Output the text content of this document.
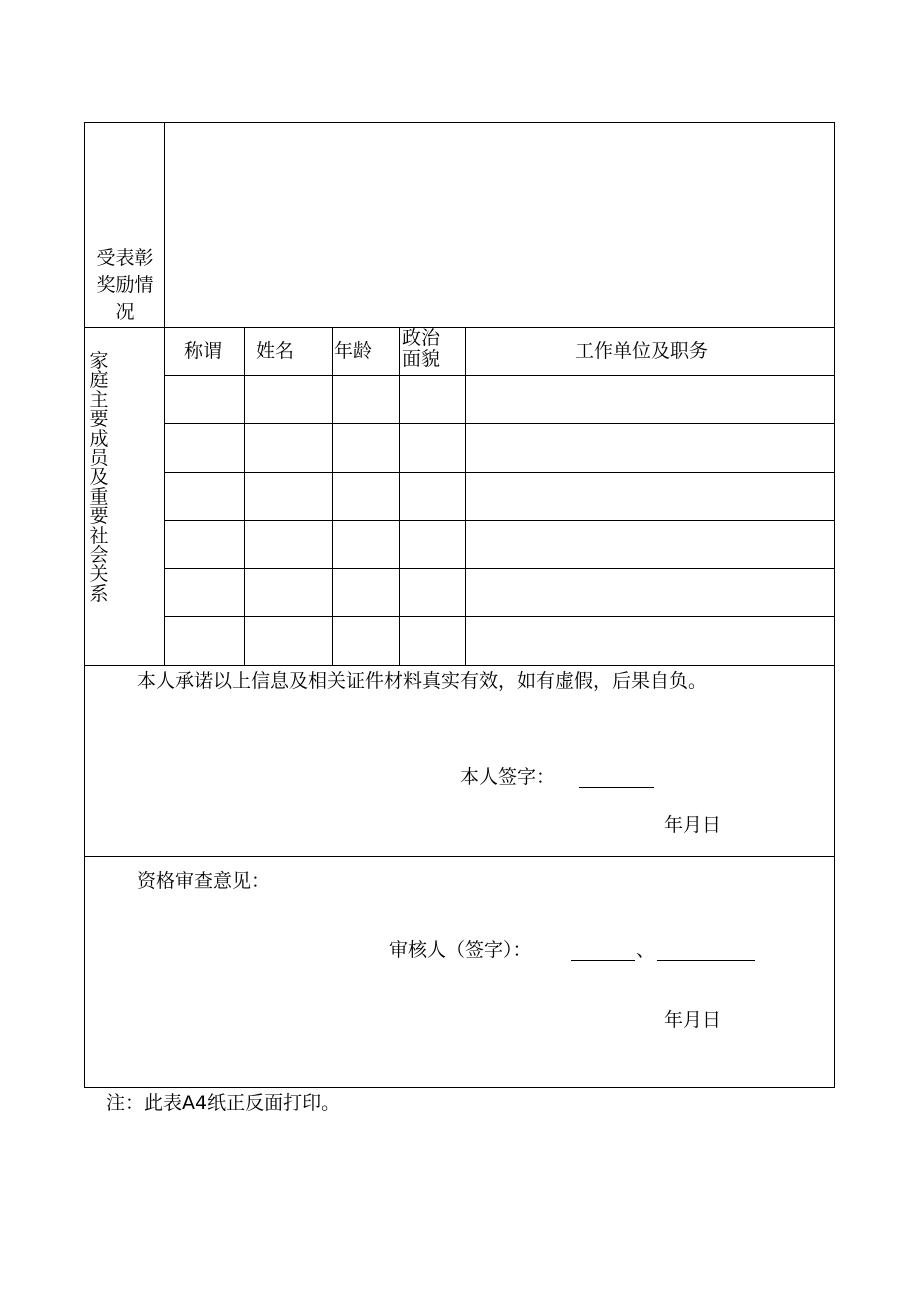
受表彰
奖励情
况
家庭主要成员及重要社会关系
称谓 姓名 年龄
政治
面貌	工作单位及职务
本人承诺以上信息及相关证件材料真实有效，如有虚假，后果自负。
本人签字：
年月日
资格审查意见：
审核人（签字）：	、
年月日
注：此表A4纸正反面打印。
